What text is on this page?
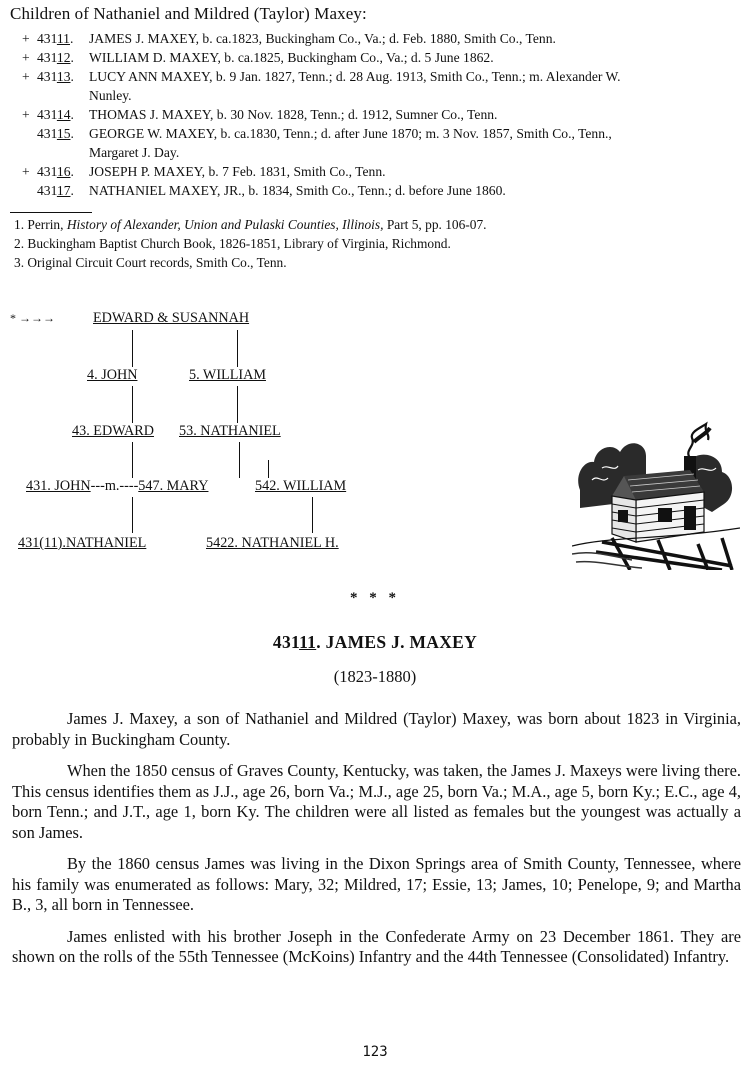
Children of Nathaniel and Mildred (Taylor) Maxey:
+ 43111. JAMES J. MAXEY, b. ca.1823, Buckingham Co., Va.; d. Feb. 1880, Smith Co., Tenn.
+ 43112. WILLIAM D. MAXEY, b. ca.1825, Buckingham Co., Va.; d. 5 June 1862.
+ 43113. LUCY ANN MAXEY, b. 9 Jan. 1827, Tenn.; d. 28 Aug. 1913, Smith Co., Tenn.; m. Alexander W.
Nunley.
+ 43114. THOMAS J. MAXEY, b. 30 Nov. 1828, Tenn.; d. 1912, Sumner Co., Tenn.
43115. GEORGE W. MAXEY, b. ca.1830, Tenn.; d. after June 1870; m. 3 Nov. 1857, Smith Co., Tenn.,
Margaret J. Day.
+ 43116. JOSEPH P. MAXEY, b. 7 Feb. 1831, Smith Co., Tenn.
43117. NATHANIEL MAXEY, JR., b. 1834, Smith Co., Tenn.; d. before June 1860.
1. Perrin, History of Alexander, Union and Pulaski Counties, Illinois, Part 5, pp. 106-07.
2. Buckingham Baptist Church Book, 1826-1851, Library of Virginia, Richmond.
3. Original Circuit Court records, Smith Co., Tenn.
* →→→	EDWARD & SUSANNAH
4. JOHN	5. WILLIAM
43. EDWARD 53. NATHANIEL
431. JOHN---m.----547. MARY	542. WILLIAM
431(11).NATHANIEL	5422. NATHANIEL H.
* * *
43111. JAMES J. MAXEY
(1823-1880)

James J. Maxey, a son of Nathaniel and Mildred (Taylor) Maxey, was born about 1823 in Virginia, probably in Buckingham County.

When the 1850 census of Graves County, Kentucky, was taken, the James J. Maxeys were living there. This census identifies them as J.J., age 26, born Va.; M.J., age 25, born Va.; M.A., age 5, born Ky.; E.C., age 4, born Tenn.; and J.T., age 1, born Ky. The children were all listed as females but the youngest was actually a son James.

By the 1860 census James was living in the Dixon Springs area of Smith County, Tennessee, where his family was enumerated as follows: Mary, 32; Mildred, 17; Essie, 13; James, 10; Penelope, 9; and Martha B., 3, all born in Tennessee.

James enlisted with his brother Joseph in the Confederate Army on 23 December 1861. They are shown on the rolls of the 55th Tennessee (McKoins) Infantry and the 44th Tennessee (Consolidated) Infantry.

123
